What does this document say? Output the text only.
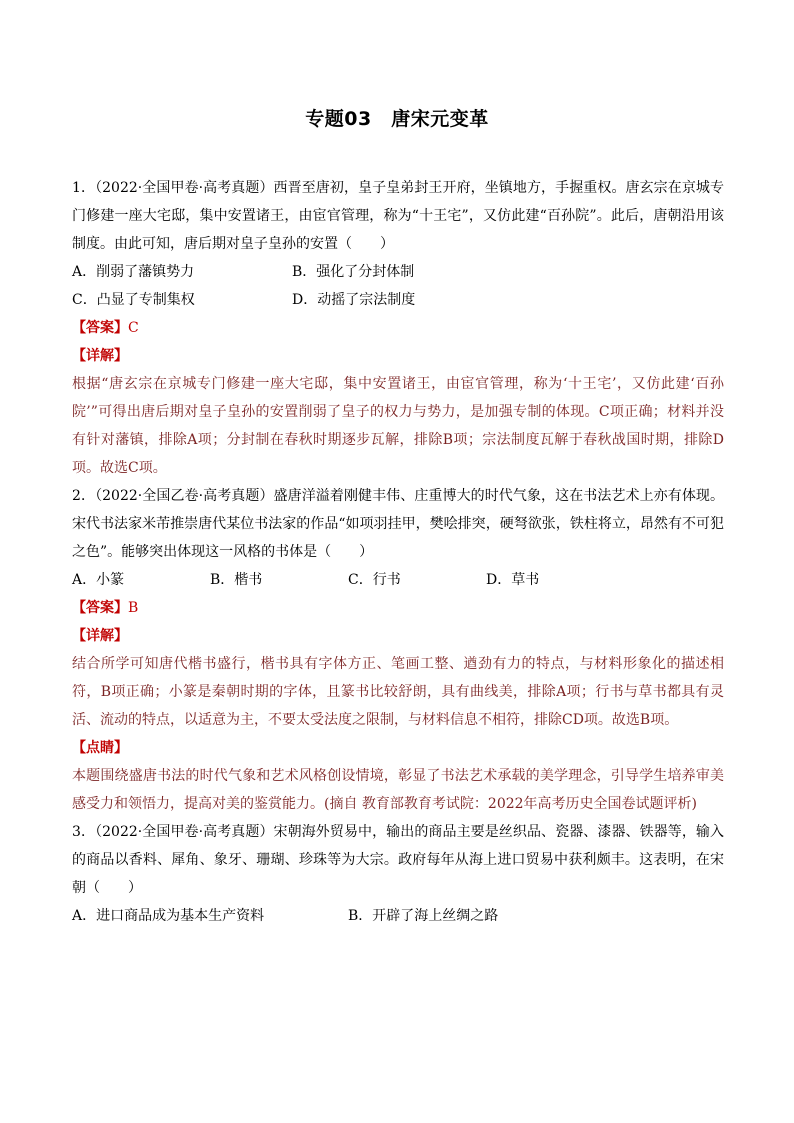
专题03　唐宋元变革

1．（2022·全国甲卷·高考真题）西晋至唐初，皇子皇弟封王开府，坐镇地方，手握重权。唐玄宗在京城专门修建一座大宅邸，集中安置诸王，由宦官管理，称为“十王宅”，又仿此建“百孙院”。此后，唐朝沿用该制度。由此可知，唐后期对皇子皇孙的安置（　　）

A．削弱了藩镇势力	B．强化了分封体制
C．凸显了专制集权	D．动摇了宗法制度

【答案】C

【详解】

根据“唐玄宗在京城专门修建一座大宅邸，集中安置诸王，由宦官管理，称为‘十王宅’，又仿此建‘百孙院’”可得出唐后期对皇子皇孙的安置削弱了皇子的权力与势力，是加强专制的体现。C项正确；材料并没有针对藩镇，排除A项；分封制在春秋时期逐步瓦解，排除B项；宗法制度瓦解于春秋战国时期，排除D项。故选C项。

2．（2022·全国乙卷·高考真题）盛唐洋溢着刚健丰伟、庄重博大的时代气象，这在书法艺术上亦有体现。宋代书法家米芾推崇唐代某位书法家的作品“如项羽挂甲，樊哙排突，硬弩欲张，铁柱将立，昂然有不可犯之色”。能够突出体现这一风格的书体是（　　）

A．小篆	B．楷书	C．行书	D．草书

【答案】B

【详解】

结合所学可知唐代楷书盛行，楷书具有字体方正、笔画工整、遒劲有力的特点，与材料形象化的描述相符，B项正确；小篆是秦朝时期的字体，且篆书比较舒朗，具有曲线美，排除A项；行书与草书都具有灵活、流动的特点，以适意为主，不要太受法度之限制，与材料信息不相符，排除CD项。故选B项。

【点睛】

本题围绕盛唐书法的时代气象和艺术风格创设情境，彰显了书法艺术承载的美学理念，引导学生培养审美感受力和领悟力，提高对美的鉴赏能力。(摘自 教育部教育考试院：2022年高考历史全国卷试题评析)

3．（2022·全国甲卷·高考真题）宋朝海外贸易中，输出的商品主要是丝织品、瓷器、漆器、铁器等，输入的商品以香料、犀角、象牙、珊瑚、珍珠等为大宗。政府每年从海上进口贸易中获利颇丰。这表明，在宋朝（　　）

A．进口商品成为基本生产资料	B．开辟了海上丝绸之路
